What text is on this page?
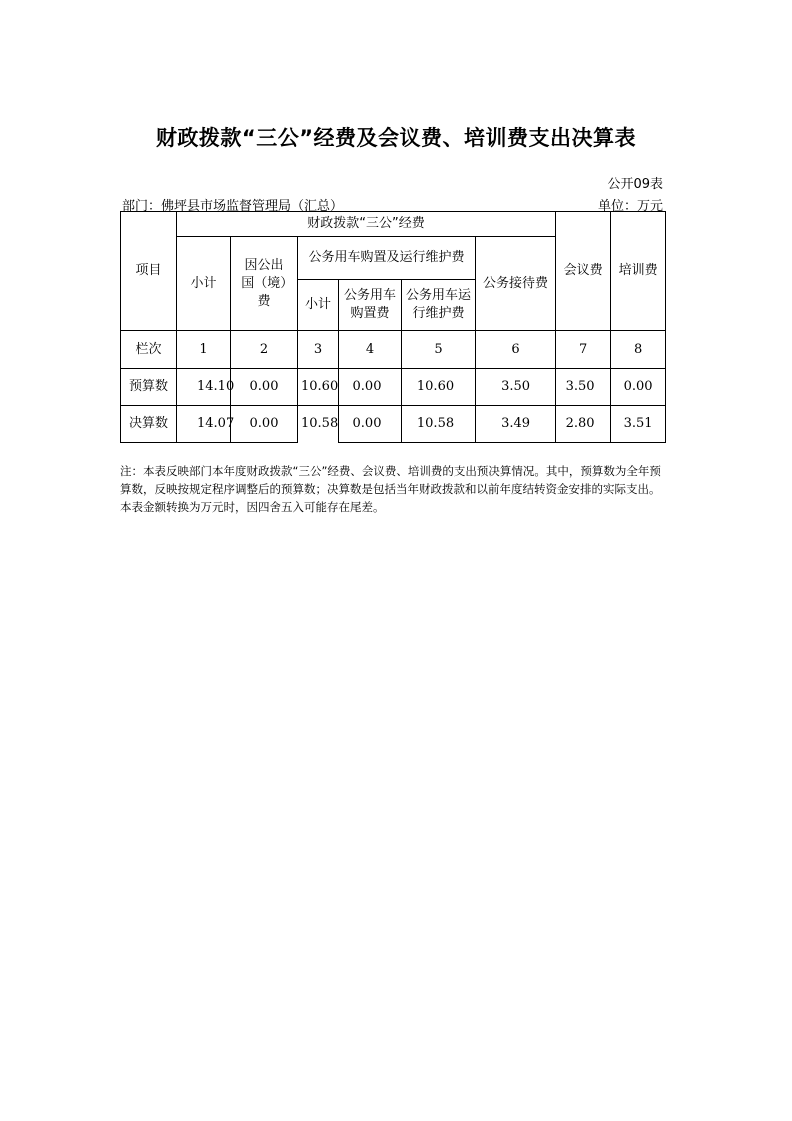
财政拨款“三公”经费及会议费、培训费支出决算表
公开09表
部门：佛坪县市场监督管理局（汇总）	单位：万元
项目	财政拨款“三公”经费						会议费	培训费
	小计	因公出国（境）费	公务用车购置及运行维护费			公务接待费		
			小计	公务用车购置费	公务用车运行维护费			
栏次	1	2	3	4	5	6	7	8
预算数	14.10	0.00	10.60	0.00	10.60	3.50	3.50	0.00
决算数	14.07	0.00	10.58	0.00	10.58	3.49	2.80	3.51
注：本表反映部门本年度财政拨款“三公”经费、会议费、培训费的支出预决算情况。其中，预算数为全年预算数，反映按规定程序调整后的预算数；决算数是包括当年财政拨款和以前年度结转资金安排的实际支出。本表金额转换为万元时，因四舍五入可能存在尾差。
